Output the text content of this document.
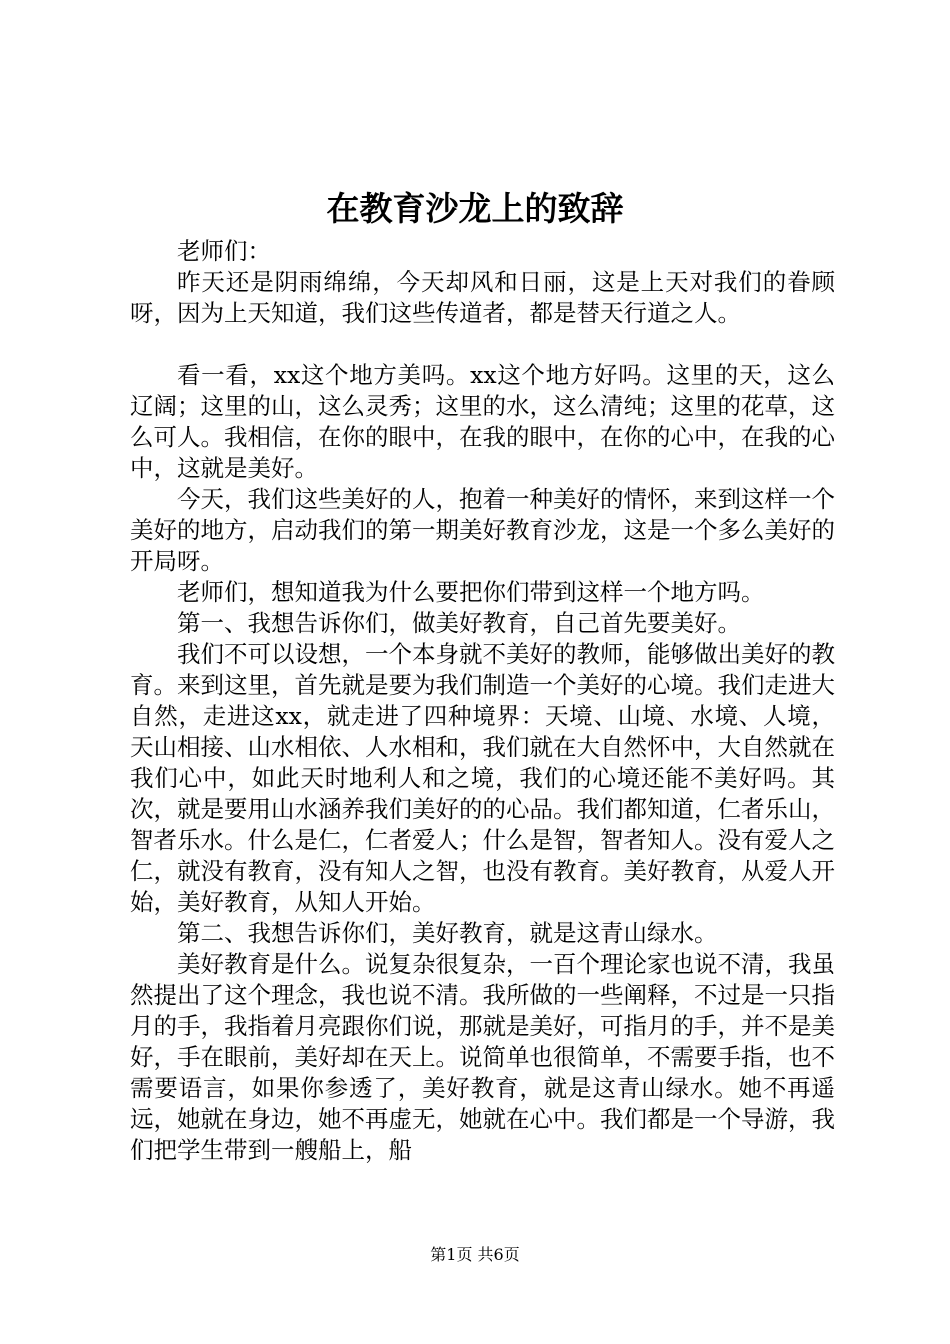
在教育沙龙上的致辞

老师们：

昨天还是阴雨绵绵，今天却风和日丽，这是上天对我们的眷顾呀，因为上天知道，我们这些传道者，都是替天行道之人。

看一看，xx这个地方美吗。xx这个地方好吗。这里的天，这么辽阔；这里的山，这么灵秀；这里的水，这么清纯；这里的花草，这么可人。我相信，在你的眼中，在我的眼中，在你的心中，在我的心中，这就是美好。

今天，我们这些美好的人，抱着一种美好的情怀，来到这样一个美好的地方，启动我们的第一期美好教育沙龙，这是一个多么美好的开局呀。

老师们，想知道我为什么要把你们带到这样一个地方吗。

第一、我想告诉你们，做美好教育，自己首先要美好。

我们不可以设想，一个本身就不美好的教师，能够做出美好的教育。来到这里，首先就是要为我们制造一个美好的心境。我们走进大自然，走进这xx，就走进了四种境界：天境、山境、水境、人境，天山相接、山水相依、人水相和，我们就在大自然怀中，大自然就在我们心中，如此天时地利人和之境，我们的心境还能不美好吗。其次，就是要用山水涵养我们美好的的心品。我们都知道，仁者乐山，智者乐水。什么是仁，仁者爱人；什么是智，智者知人。没有爱人之仁，就没有教育，没有知人之智，也没有教育。美好教育，从爱人开始，美好教育，从知人开始。

第二、我想告诉你们，美好教育，就是这青山绿水。

美好教育是什么。说复杂很复杂，一百个理论家也说不清，我虽然提出了这个理念，我也说不清。我所做的一些阐释，不过是一只指月的手，我指着月亮跟你们说，那就是美好，可指月的手，并不是美好，手在眼前，美好却在天上。说简单也很简单，不需要手指，也不需要语言，如果你参透了，美好教育，就是这青山绿水。她不再遥远，她就在身边，她不再虚无，她就在心中。我们都是一个导游，我们把学生带到一艘船上，船

第1页 共6页
